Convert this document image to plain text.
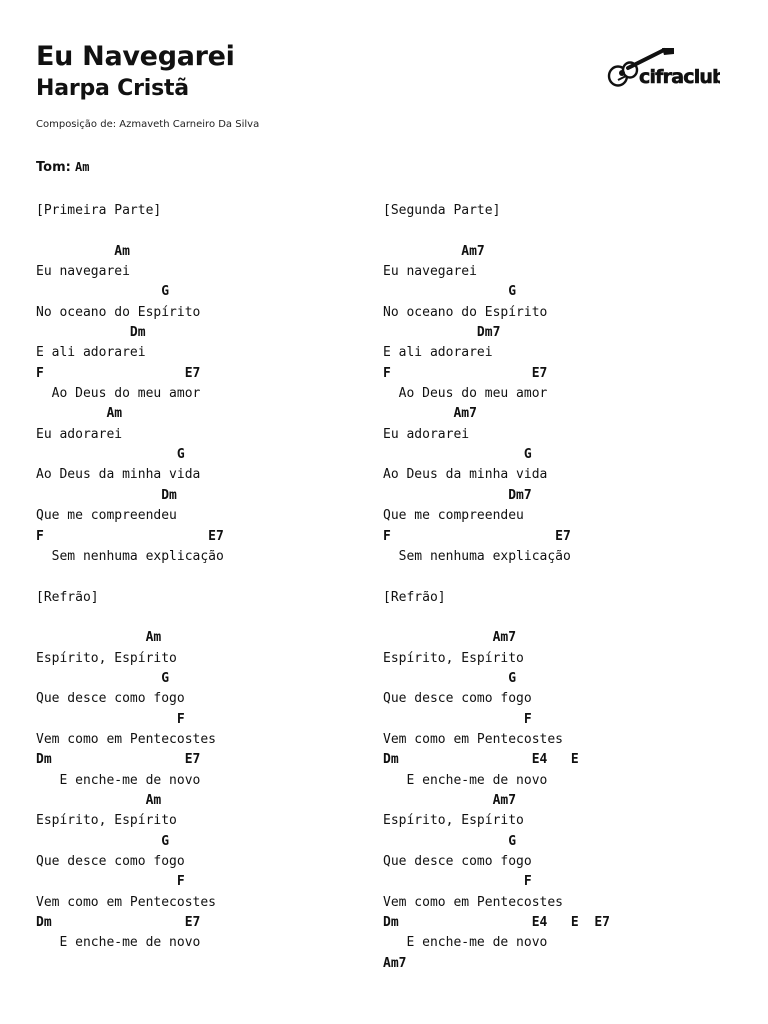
Eu Navegarei
Harpa Cristã
Composição de: Azmaveth Carneiro Da Silva
Tom: Am
cifraclub
[Primeira Parte]
Am
Eu navegarei
G
No oceano do Espírito
Dm
E ali adorarei
F                  E7
Ao Deus do meu amor
Am
Eu adorarei
G
Ao Deus da minha vida
Dm
Que me compreendeu
F                     E7
Sem nenhuma explicação
[Refrão]
Am
Espírito, Espírito
G
Que desce como fogo
F
Vem como em Pentecostes
Dm                 E7
E enche-me de novo
Am
Espírito, Espírito
G
Que desce como fogo
F
Vem como em Pentecostes
Dm                 E7
E enche-me de novo
[Segunda Parte]
Am7
Eu navegarei
G
No oceano do Espírito
Dm7
E ali adorarei
F                  E7
Ao Deus do meu amor
Am7
Eu adorarei
G
Ao Deus da minha vida
Dm7
Que me compreendeu
F                     E7
Sem nenhuma explicação
[Refrão]
Am7
Espírito, Espírito
G
Que desce como fogo
F
Vem como em Pentecostes
Dm                 E4   E
E enche-me de novo
Am7
Espírito, Espírito
G
Que desce como fogo
F
Vem como em Pentecostes
Dm                 E4   E  E7
E enche-me de novo
Am7
